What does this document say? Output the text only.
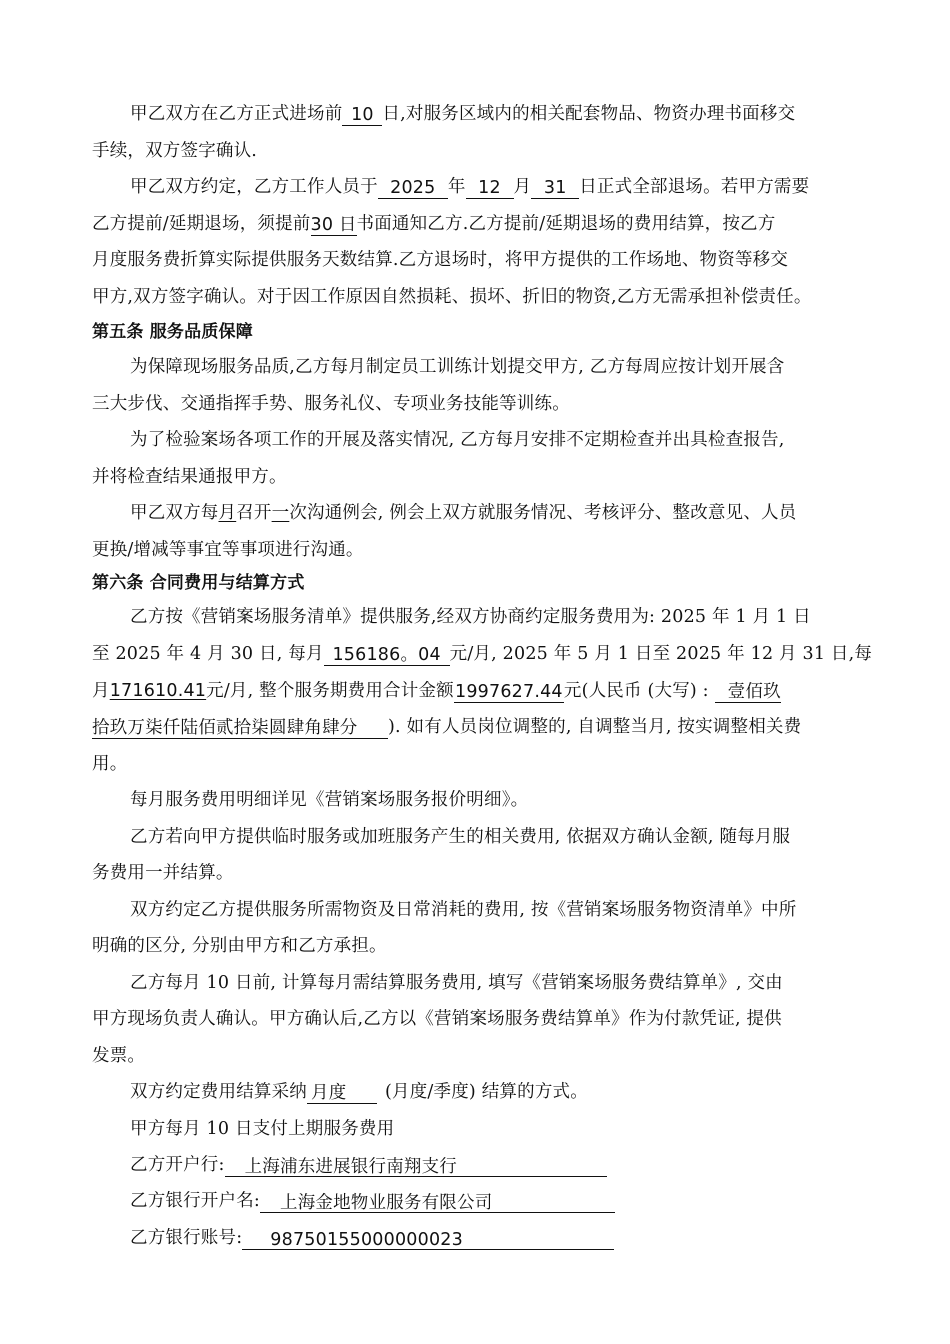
甲乙双方在乙方正式进场前 10 日,对服务区域内的相关配套物品、物资办理书面移交
手续，双方签字确认.
甲乙双方约定，乙方工作人员于 2025 年 12 月 31 日正式全部退场。若甲方需要
乙方提前/延期退场，须提前30 日书面通知乙方.乙方提前/延期退场的费用结算，按乙方
月度服务费折算实际提供服务天数结算.乙方退场时，将甲方提供的工作场地、物资等移交
甲方,双方签字确认。对于因工作原因自然损耗、损坏、折旧的物资,乙方无需承担补偿责任。
第五条 服务品质保障
为保障现场服务品质,乙方每月制定员工训练计划提交甲方, 乙方每周应按计划开展含
三大步伐、交通指挥手势、服务礼仪、专项业务技能等训练。
为了检验案场各项工作的开展及落实情况, 乙方每月安排不定期检查并出具检查报告,
并将检查结果通报甲方。
甲乙双方每月召开一次沟通例会, 例会上双方就服务情况、考核评分、整改意见、人员
更换/增减等事宜等事项进行沟通。
第六条 合同费用与结算方式
乙方按《营销案场服务清单》提供服务,经双方协商约定服务费用为: 2025 年 1 月 1 日
至 2025 年 4 月 30 日, 每月 156186。04 元/月, 2025 年 5 月 1 日至 2025 年 12 月 31 日,每
月171610.41元/月, 整个服务期费用合计金额1997627.44元(人民币 (大写) : 壹佰玖
拾玖万柒仟陆佰贰拾柒圆肆角肆分 ). 如有人员岗位调整的, 自调整当月, 按实调整相关费
用。
每月服务费用明细详见《营销案场服务报价明细》。
乙方若向甲方提供临时服务或加班服务产生的相关费用, 依据双方确认金额, 随每月服
务费用一并结算。
双方约定乙方提供服务所需物资及日常消耗的费用, 按《营销案场服务物资清单》中所
明确的区分, 分别由甲方和乙方承担。
乙方每月 10 日前, 计算每月需结算服务费用, 填写《营销案场服务费结算单》, 交由
甲方现场负责人确认。甲方确认后,乙方以《营销案场服务费结算单》作为付款凭证, 提供
发票。
双方约定费用结算采纳 月度 (月度/季度) 结算的方式。
甲方每月 10 日支付上期服务费用
乙方开户行: 上海浦东进展银行南翔支行
乙方银行开户名: 上海金地物业服务有限公司
乙方银行账号: 98750155000000023
